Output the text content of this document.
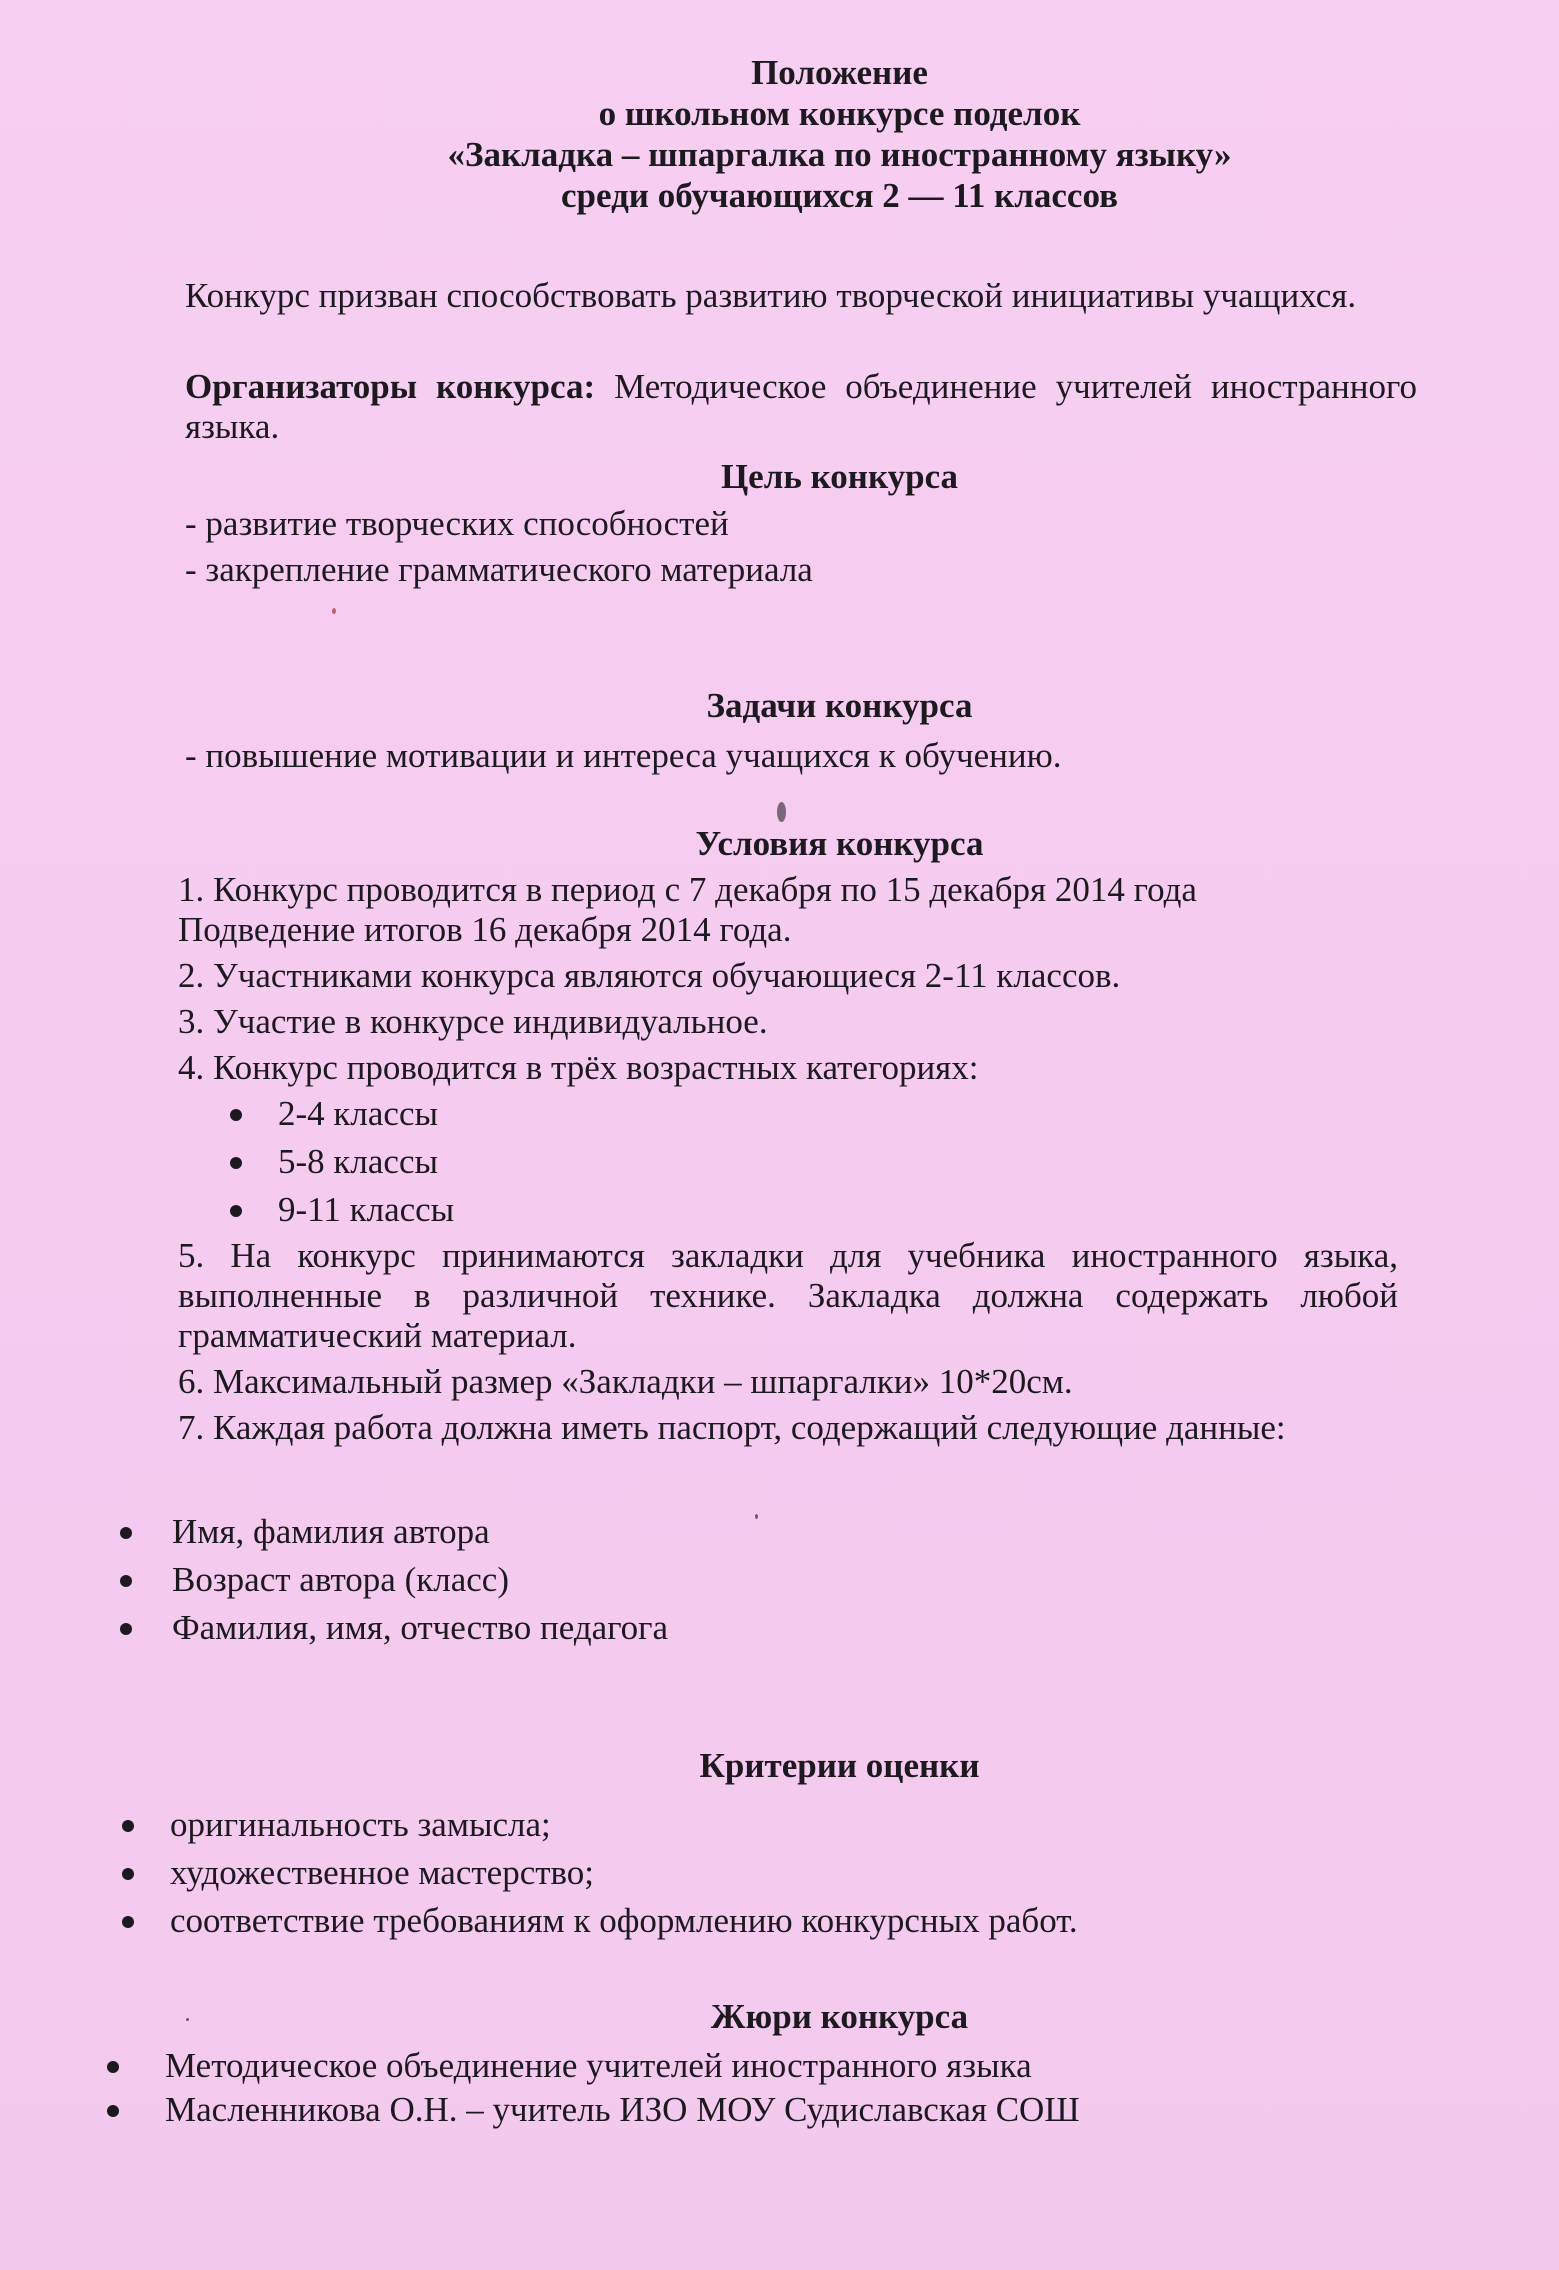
Положение
о школьном конкурсе поделок
«Закладка – шпаргалка по иностранному языку»
среди обучающихся 2 — 11 классов
Конкурс призван способствовать развитию творческой инициативы учащихся.
Организаторы конкурса: Методическое объединение учителей иностранного языка.
Цель конкурса
- развитие творческих способностей
- закрепление грамматического материала
Задачи конкурса
- повышение мотивации и интереса учащихся к обучению.
Условия конкурса
1. Конкурс проводится в период с 7 декабря по 15 декабря 2014 года
Подведение итогов 16 декабря 2014 года.
2. Участниками конкурса являются обучающиеся 2-11 классов.
3. Участие в конкурсе индивидуальное.
4. Конкурс проводится в трёх возрастных категориях:
2-4 классы
5-8 классы
9-11 классы
5. На конкурс принимаются закладки для учебника иностранного языка, выполненные в различной технике. Закладка должна содержать любой грамматический материал.
6. Максимальный размер «Закладки – шпаргалки» 10*20см.
7. Каждая работа должна иметь паспорт, содержащий следующие данные:
Имя, фамилия автора
Возраст автора (класс)
Фамилия, имя, отчество педагога
Критерии оценки
оригинальность замысла;
художественное мастерство;
соответствие требованиям к оформлению конкурсных работ.
Жюри конкурса
Методическое объединение учителей иностранного языка
Масленникова О.Н. – учитель ИЗО МОУ Судиславская СОШ
